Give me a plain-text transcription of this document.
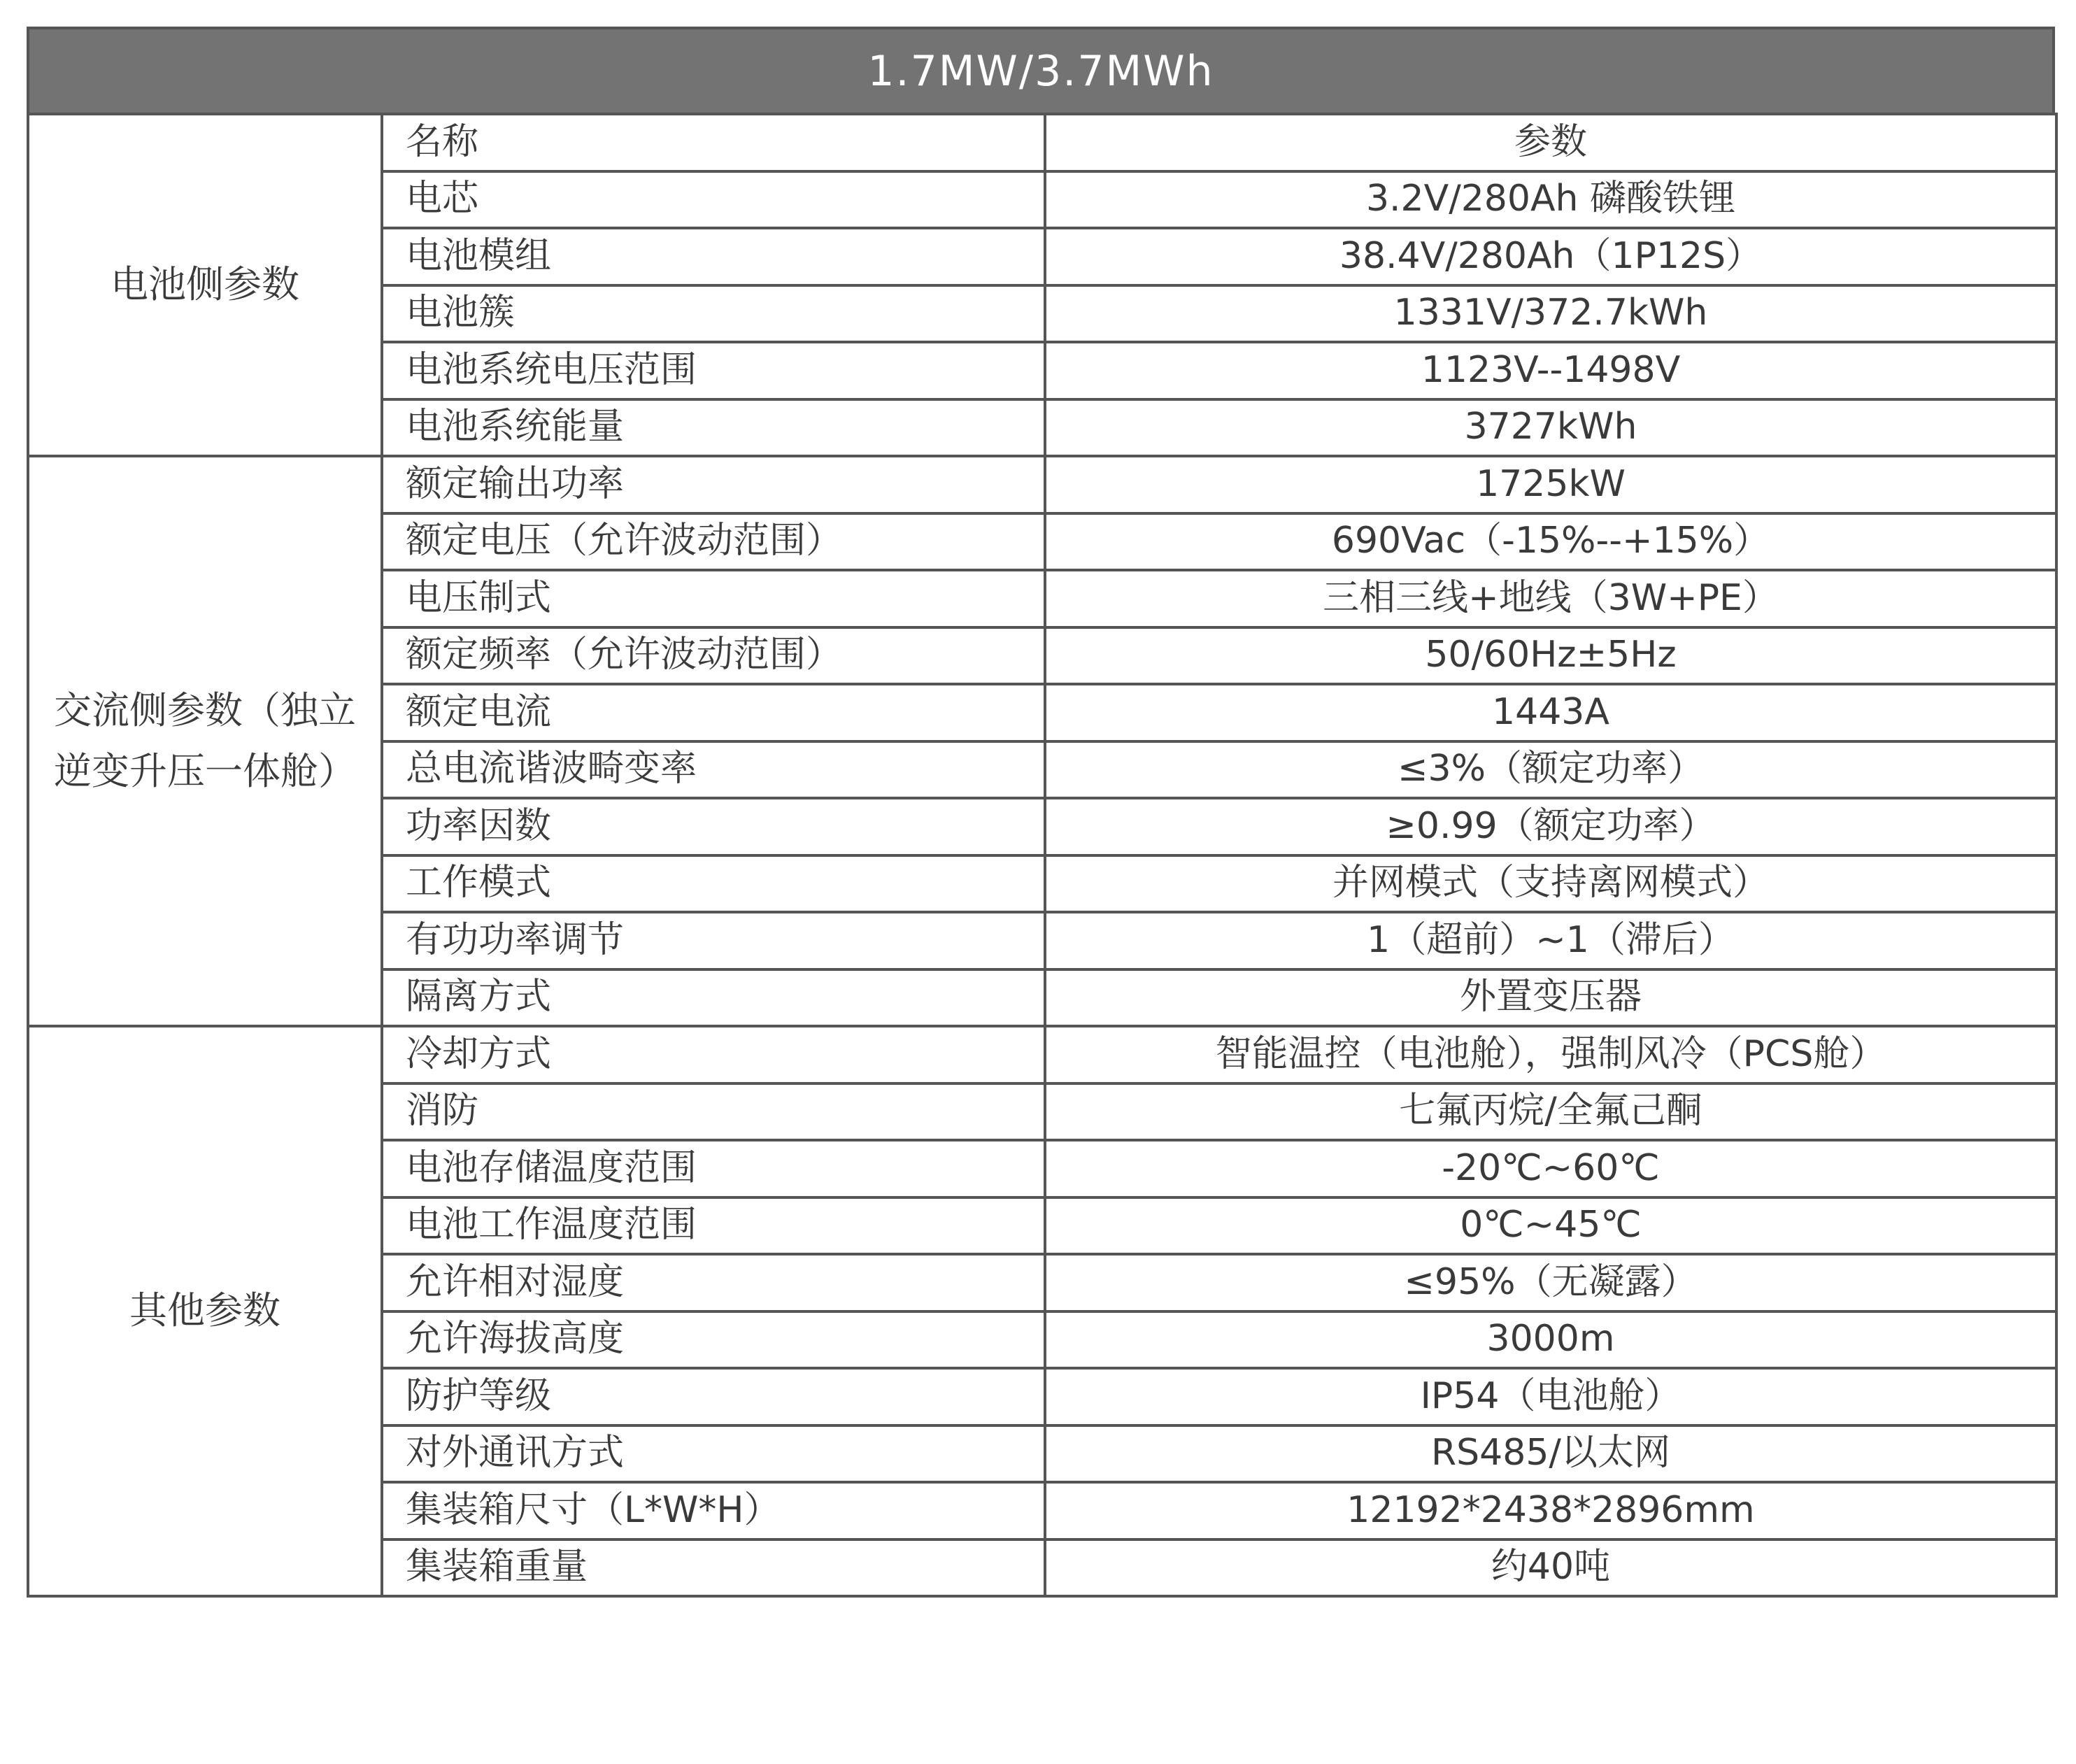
1.7MW/3.7MWh
电池侧参数	名称	参数
	电芯	3.2V/280Ah 磷酸铁锂
	电池模组	38.4V/280Ah（1P12S）
	电池簇	1331V/372.7kWh
	电池系统电压范围	1123V--1498V
	电池系统能量	3727kWh
交流侧参数（独立逆变升压一体舱）	额定输出功率	1725kW
	额定电压（允许波动范围）	690Vac（-15%--+15%）
	电压制式	三相三线+地线（3W+PE）
	额定频率（允许波动范围）	50/60Hz±5Hz
	额定电流	1443A
	总电流谐波畸变率	≤3%（额定功率）
	功率因数	≥0.99（额定功率）
	工作模式	并网模式（支持离网模式）
	有功功率调节	1（超前）~1（滞后）
	隔离方式	外置变压器
其他参数	冷却方式	智能温控（电池舱），强制风冷（PCS舱）
	消防	七氟丙烷/全氟己酮
	电池存储温度范围	-20℃~60℃
	电池工作温度范围	0℃~45℃
	允许相对湿度	≤95%（无凝露）
	允许海拔高度	3000m
	防护等级	IP54（电池舱）
	对外通讯方式	RS485/以太网
	集装箱尺寸（L*W*H）	12192*2438*2896mm
	集装箱重量	约40吨
